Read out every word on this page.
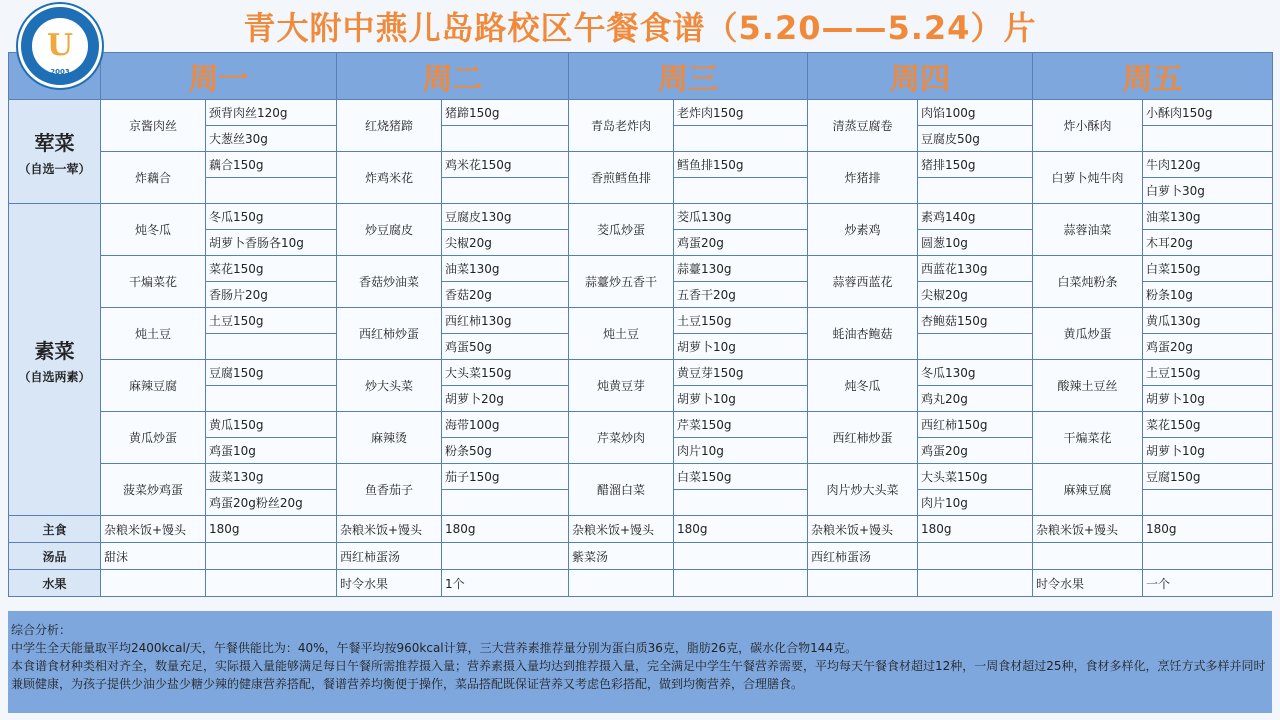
U
2003
青大附中燕儿岛路校区午餐食谱（5.20——5.24）片
	周一		周二		周三		周四		周五	

荤菜
（自选一荤）	京酱肉丝	颈背肉丝120g	红烧猪蹄	猪蹄150g	青岛老炸肉	老炸肉150g	清蒸豆腐卷	肉馅100g	炸小酥肉	小酥肉150g
		大葱丝30g						豆腐皮50g		
	炸藕合	藕合150g	炸鸡米花	鸡米花150g	香煎鳕鱼排	鳕鱼排150g	炸猪排	猪排150g	白萝卜炖牛肉	牛肉120g
										白萝卜30g

素菜
（自选两素）	炖冬瓜	冬瓜150g	炒豆腐皮	豆腐皮130g	茭瓜炒蛋	茭瓜130g	炒素鸡	素鸡140g	蒜蓉油菜	油菜130g
		胡萝卜香肠各10g		尖椒20g		鸡蛋20g		圆葱10g		木耳20g
	干煸菜花	菜花150g	香菇炒油菜	油菜130g	蒜薹炒五香干	蒜薹130g	蒜蓉西蓝花	西蓝花130g	白菜炖粉条	白菜150g
		香肠片20g		香菇20g		五香干20g		尖椒20g		粉条10g
	炖土豆	土豆150g	西红柿炒蛋	西红柿130g	炖土豆	土豆150g	蚝油杏鲍菇	杏鲍菇150g	黄瓜炒蛋	黄瓜130g
				鸡蛋50g		胡萝卜10g				鸡蛋20g
	麻辣豆腐	豆腐150g	炒大头菜	大头菜150g	炖黄豆芽	黄豆芽150g	炖冬瓜	冬瓜130g	酸辣土豆丝	土豆150g
				胡萝卜20g		胡萝卜10g		鸡丸20g		胡萝卜10g
	黄瓜炒蛋	黄瓜150g	麻辣烫	海带100g	芹菜炒肉	芹菜150g	西红柿炒蛋	西红柿150g	干煸菜花	菜花150g
		鸡蛋10g		粉条50g		肉片10g		鸡蛋20g		胡萝卜10g
	菠菜炒鸡蛋	菠菜130g	鱼香茄子	茄子150g	醋溜白菜	白菜150g	肉片炒大头菜	大头菜150g	麻辣豆腐	豆腐150g
		鸡蛋20g粉丝20g						肉片10g		
主食	杂粮米饭+馒头	180g	杂粮米饭+馒头	180g	杂粮米饭+馒头	180g	杂粮米饭+馒头	180g	杂粮米饭+馒头	180g
汤品	甜沫		西红柿蛋汤		紫菜汤		西红柿蛋汤			
水果			时令水果	1个					时令水果	一个

综合分析：

中学生全天能量取平均2400kcal/天，午餐供能比为：40%，午餐平均按960kcal计算，三大营养素推荐量分别为蛋白质36克，脂肪26克，碳水化合物144克。

本食谱食材种类相对齐全，数量充足，实际摄入量能够满足每日午餐所需推荐摄入量；营养素摄入量均达到推荐摄入量，完全满足中学生午餐营养需要，平均每天午餐食材超过12种，一周食材超过25种，食材多样化，烹饪方式多样并同时兼顾健康，为孩子提供少油少盐少糖少辣的健康营养搭配，餐谱营养均衡便于操作，菜品搭配既保证营养又考虑色彩搭配，做到均衡营养，合理膳食。
